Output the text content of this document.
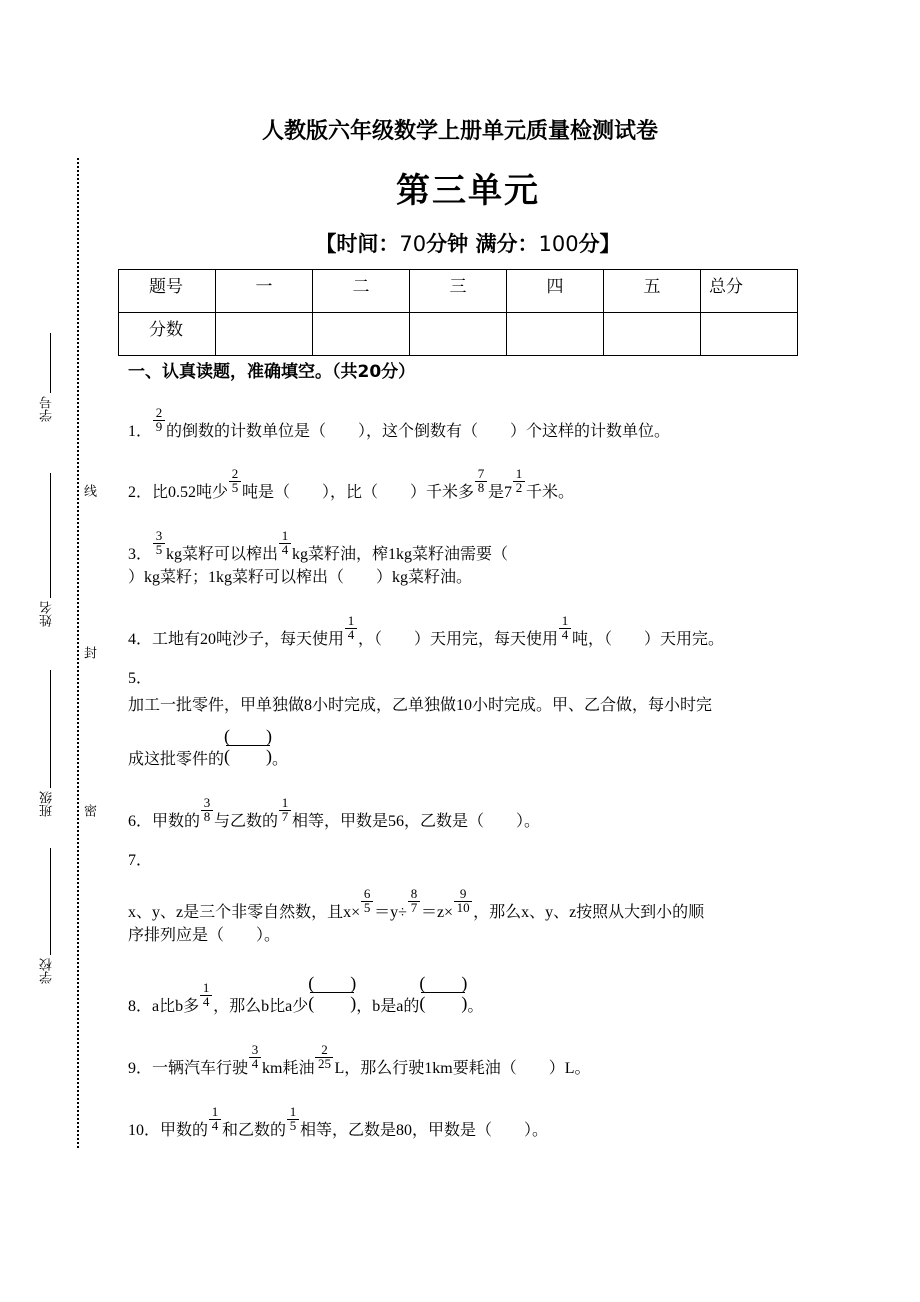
学号
姓名
班级
学校
线
封
密
人教版六年级数学上册单元质量检测试卷
第三单元
【时间：70分钟 满分：100分】
题号	一	二	三	四	五	总分
分数						
一、认真读题，准确填空。（共20分）
1． $\frac{2}{9}$ 的倒数的计数单位是（　　），这个倒数有（　　）个这样的计数单位。
2．比0.52吨少 $\frac{2}{5}$ 吨是（　　），比（　　）千米多 $\frac{7}{8}$ 是$7 \frac{1}{2}$ 千米。
3． $\frac{3}{5}$ kg菜籽可以榨出 $\frac{1}{4}$ kg菜籽油，榨1kg菜籽油需要（
）kg菜籽；1kg菜籽可以榨出（　　）kg菜籽油。
4．工地有20吨沙子，每天使用 $\frac{1}{4}$ ，（　　）天用完，每天使用 $\frac{1}{4}$ 吨，（　　）天用完。
5．
加工一批零件，甲单独做8小时完成，乙单独做10小时完成。甲、乙合做，每小时完
成这批零件的
(　　)
(　　) 。
6．甲数的 $\frac{3}{8}$ 与乙数的 $\frac{1}{7}$ 相等，甲数是56，乙数是（　　）。
7．
x、y、z是三个非零自然数，且$x\times \frac{6}{5} =y\div \frac{8}{7} =z\times \frac{9}{10}$ ，那么x、y、z按照从大到小的顺
序排列应是（　　）。
8．a比b多 $\frac{1}{4}$ ，那么b比a少
(　　)
(　　) ，b是a的
(　　)
(　　) 。
9．一辆汽车行驶 $\frac{3}{4}$ km耗油 $\frac{2}{25}$ L，那么行驶1km要耗油（　　）L。
10．甲数的 $\frac{1}{4}$ 和乙数的 $\frac{1}{5}$ 相等，乙数是80，甲数是（　　）。
